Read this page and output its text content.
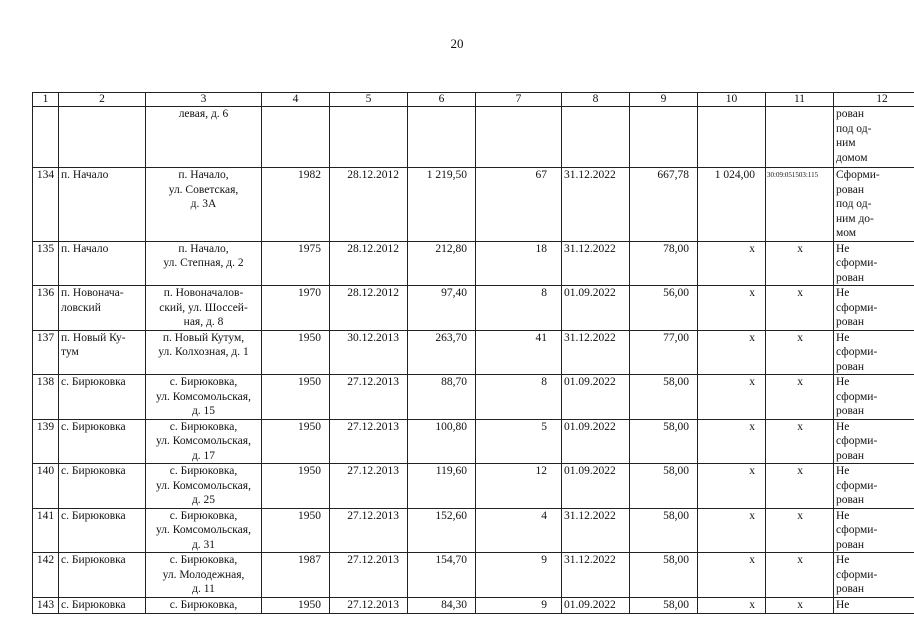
20
1	2	3	4	5	6	7	8	9	10	11	12
		левая, д. 6									рован
под од-
ним
домом
134	п. Начало	п. Начало,
ул. Советская,
д. 3А	1982	28.12.2012	1 219,50	67	31.12.2022	667,78	1 024,00	30:09:051503:115	Сформи-
рован
под од-
ним до-
мом
135	п. Начало	п. Начало,
ул. Степная, д. 2	1975	28.12.2012	212,80	18	31.12.2022	78,00	х	х	Не
сформи-
рован
136	п. Новонача-
ловский	п. Новоначалов-
ский, ул. Шоссей-
ная, д. 8	1970	28.12.2012	97,40	8	01.09.2022	56,00	х	х	Не
сформи-
рован
137	п. Новый Ку-
тум	п. Новый Кутум,
ул. Колхозная, д. 1	1950	30.12.2013	263,70	41	31.12.2022	77,00	х	х	Не
сформи-
рован
138	с. Бирюковка	с. Бирюковка,
ул. Комсомольская,
д. 15	1950	27.12.2013	88,70	8	01.09.2022	58,00	х	х	Не
сформи-
рован
139	с. Бирюковка	с. Бирюковка,
ул. Комсомольская,
д. 17	1950	27.12.2013	100,80	5	01.09.2022	58,00	х	х	Не
сформи-
рован
140	с. Бирюковка	с. Бирюковка,
ул. Комсомольская,
д. 25	1950	27.12.2013	119,60	12	01.09.2022	58,00	х	х	Не
сформи-
рован
141	с. Бирюковка	с. Бирюковка,
ул. Комсомольская,
д. 31	1950	27.12.2013	152,60	4	31.12.2022	58,00	х	х	Не
сформи-
рован
142	с. Бирюковка	с. Бирюковка,
ул. Молодежная,
д. 11	1987	27.12.2013	154,70	9	31.12.2022	58,00	х	х	Не
сформи-
рован
143	с. Бирюковка	с. Бирюковка,	1950	27.12.2013	84,30	9	01.09.2022	58,00	х	х	Не
